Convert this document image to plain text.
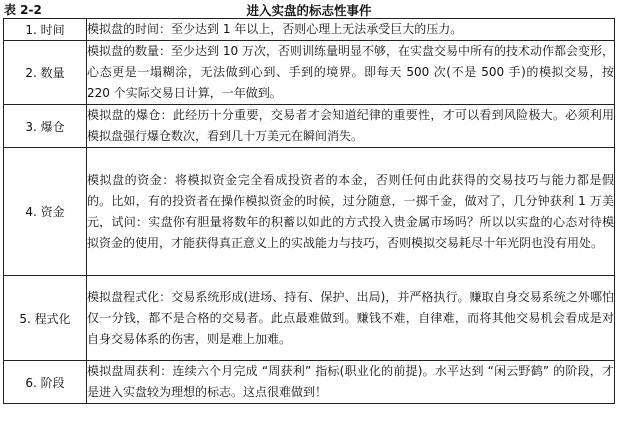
表 2-2	进入实盘的标志性事件
1. 时间	模拟盘的时间：至少达到 1 年以上，否则心理上无法承受巨大的压力。
2. 数量	模拟盘的数量：至少达到 10 万次，否则训练量明显不够，在实盘交易中所有的技术动作都会变形，心态更是一塌糊涂，无法做到心到、手到的境界。即每天 500 次(不是 500 手)的模拟交易，按 220 个实际交易日计算，一年做到。
3. 爆仓	模拟盘的爆仓：此经历十分重要，交易者才会知道纪律的重要性，才可以看到风险极大。必须利用模拟盘强行爆仓数次，看到几十万美元在瞬间消失。
4. 资金	模拟盘的资金：将模拟资金完全看成投资者的本金，否则任何由此获得的交易技巧与能力都是假的。比如，有的投资者在操作模拟资金的时候，过分随意，一掷千金，做对了，几分钟获利 1 万美元，试问：实盘你有胆量将数年的积蓄以如此的方式投入贵金属市场吗？所以以实盘的心态对待模拟资金的使用，才能获得真正意义上的实战能力与技巧，否则模拟交易耗尽十年光阴也没有用处。
5. 程式化	模拟盘程式化：交易系统形成(进场、持有、保护、出局)，并严格执行。赚取自身交易系统之外哪怕仅一分钱，都不是合格的交易者。此点最难做到。赚钱不难，自律难，而将其他交易机会看成是对自身交易体系的伤害，则是难上加难。
6. 阶段	模拟盘周获利：连续六个月完成 “周获利” 指标(职业化的前提)。水平达到 “闲云野鹤” 的阶段，才是进入实盘较为理想的标志。这点很难做到！
